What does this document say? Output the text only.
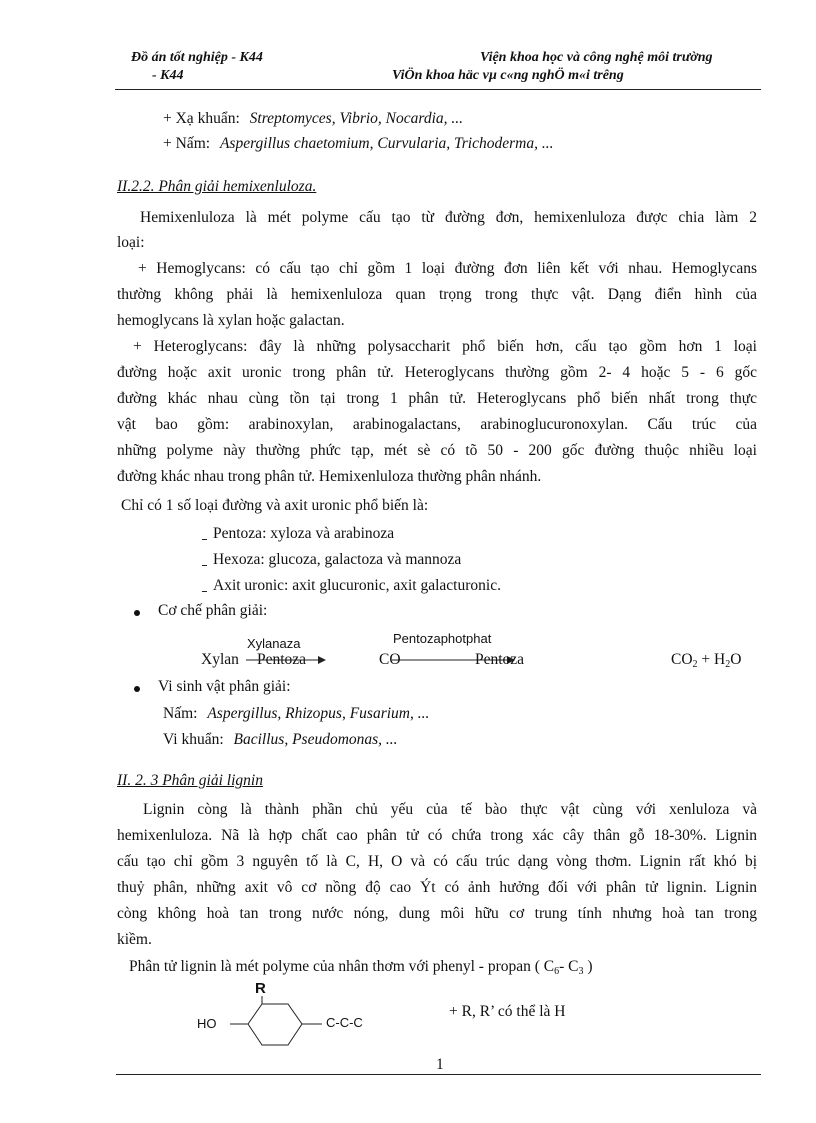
Đồ án tốt nghiệp - K44	Viện khoa học và công nghệ môi trường
- K44	ViÖn khoa häc vµ c«ng nghÖ m«i trêng
+ Xạ khuẩn: Streptomyces, Vibrio, Nocardia, ...
+ Nấm: Aspergillus chaetomium, Curvularia, Trichoderma, ...
II.2.2. Phân giải hemixenluloza.
Hemixenluloza là mét polyme cấu tạo từ đường đơn, hemixenluloza được chia làm 2
loại:
+ Hemoglycans: có cấu tạo chỉ gồm 1 loại đường đơn liên kết với nhau. Hemoglycans
thường không phải là hemixenluloza quan trọng trong thực vật. Dạng điển hình của
hemoglycans là xylan hoặc galactan.
+ Heteroglycans: đây là những polysaccharit phổ biến hơn, cấu tạo gồm hơn 1 loại
đường hoặc axit uronic trong phân tử. Heteroglycans thường gồm 2- 4 hoặc 5 - 6 gốc
đường khác nhau cùng tồn tại trong 1 phân tử. Heteroglycans phổ biến nhất trong thực
vật bao gồm: arabinoxylan, arabinogalactans, arabinoglucuronoxylan. Cấu trúc của
những polyme này thường phức tạp, mét sè có tõ 50 - 200 gốc đường thuộc nhiều loại
đường khác nhau trong phân tử. Hemixenluloza thường phân nhánh.
Chỉ có 1 số loại đường và axit uronic phổ biến là:
Pentoza: xyloza và arabinoza
Hexoza: glucoza, galactoza và mannoza
Axit uronic: axit glucuronic, axit galacturonic.
Cơ chế phân giải:
Xylanaza	Pentozaphotphat
Xylan Pentoza	CO	Pentoza	$CO_2 + H_2O$
Vi sinh vật phân giải:
Nấm: Aspergillus, Rhizopus, Fusarium, ...
Vi khuẩn: Bacillus, Pseudomonas, ...
II. 2. 3 Phân giải lignin
Lignin còng là thành phần chủ yếu của tế bào thực vật cùng với xenluloza và
hemixenluloza. Nã là hợp chất cao phân tử có chứa trong xác cây thân gỗ 18-30%. Lignin
cấu tạo chỉ gồm 3 nguyên tố là C, H, O và có cấu trúc dạng vòng thơm. Lignin rất khó bị
thuỷ phân, những axit vô cơ nồng độ cao Ýt có ảnh hưởng đối với phân tử lignin. Lignin
còng không hoà tan trong nước nóng, dung môi hữu cơ trung tính nhưng hoà tan trong
kiềm.
Phân tử lignin là mét polyme của nhân thơm với phenyl - propan ( $C_6-$ $C_3$ )
R
HO	C-C-C
+ R, R’ có thể là H
1
